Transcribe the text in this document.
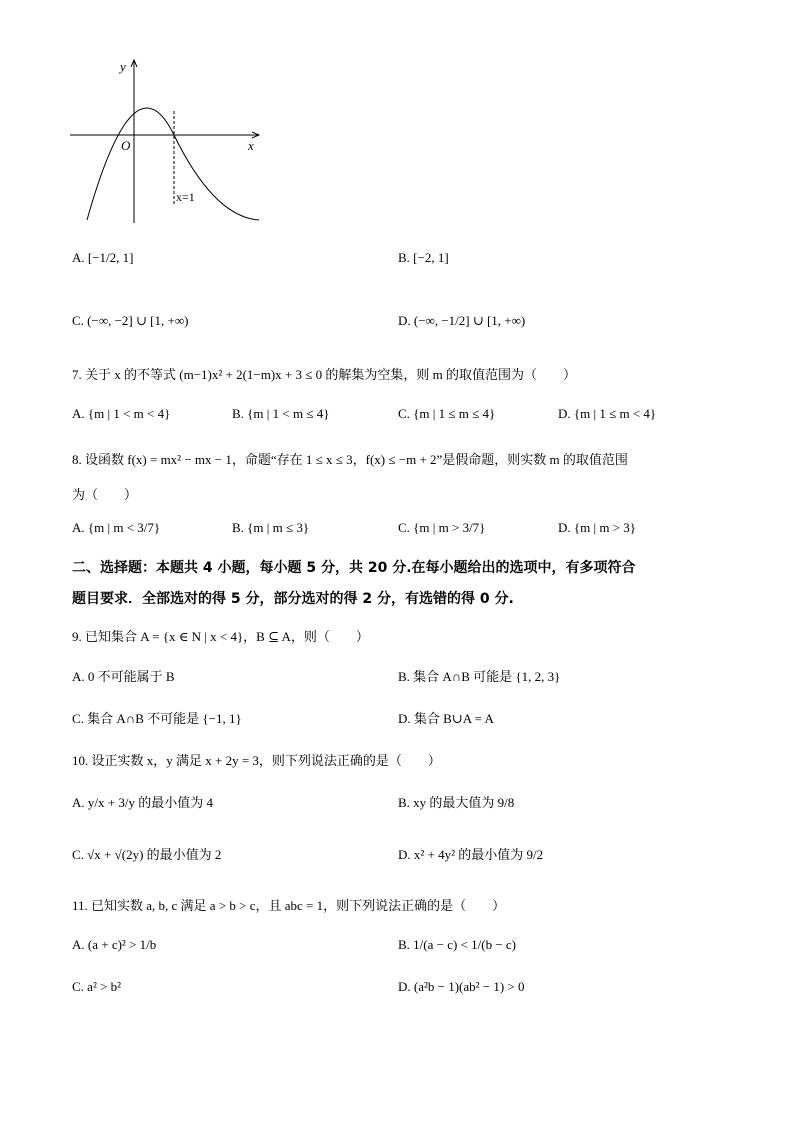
y
x
O
x=1
A. [−1/2, 1]	B. [−2, 1]
C. (−∞, −2] ∪ [1, +∞)	D. (−∞, −1/2] ∪ [1, +∞)
7. 关于 x 的不等式 (m−1)x² + 2(1−m)x + 3 ≤ 0 的解集为空集，则 m 的取值范围为（　　）
A. {m | 1 < m < 4}	B. {m | 1 < m ≤ 4}	C. {m | 1 ≤ m ≤ 4}	D. {m | 1 ≤ m < 4}
8. 设函数 f(x) = mx² − mx − 1，命题“存在 1 ≤ x ≤ 3，f(x) ≤ −m + 2”是假命题，则实数 m 的取值范围
为（　　）
A. {m | m < 3/7}	B. {m | m ≤ 3}	C. {m | m > 3/7}	D. {m | m > 3}
二、选择题：本题共 4 小题，每小题 5 分，共 20 分.在每小题给出的选项中，有多项符合
题目要求．全部选对的得 5 分，部分选对的得 2 分，有选错的得 0 分.
9. 已知集合 A = {x ∈ N | x < 4}，B ⊆ A，则（　　）
A. 0 不可能属于 B	B. 集合 A∩B 可能是 {1, 2, 3}
C. 集合 A∩B 不可能是 {−1, 1}	D. 集合 B∪A = A
10. 设正实数 x，y 满足 x + 2y = 3，则下列说法正确的是（　　）
A. y/x + 3/y 的最小值为 4	B. xy 的最大值为 9/8
C. √x + √(2y) 的最小值为 2	D. x² + 4y² 的最小值为 9/2
11. 已知实数 a, b, c 满足 a > b > c，且 abc = 1，则下列说法正确的是（　　）
A. (a + c)² > 1/b	B. 1/(a − c) < 1/(b − c)
C. a² > b²	D. (a²b − 1)(ab² − 1) > 0
